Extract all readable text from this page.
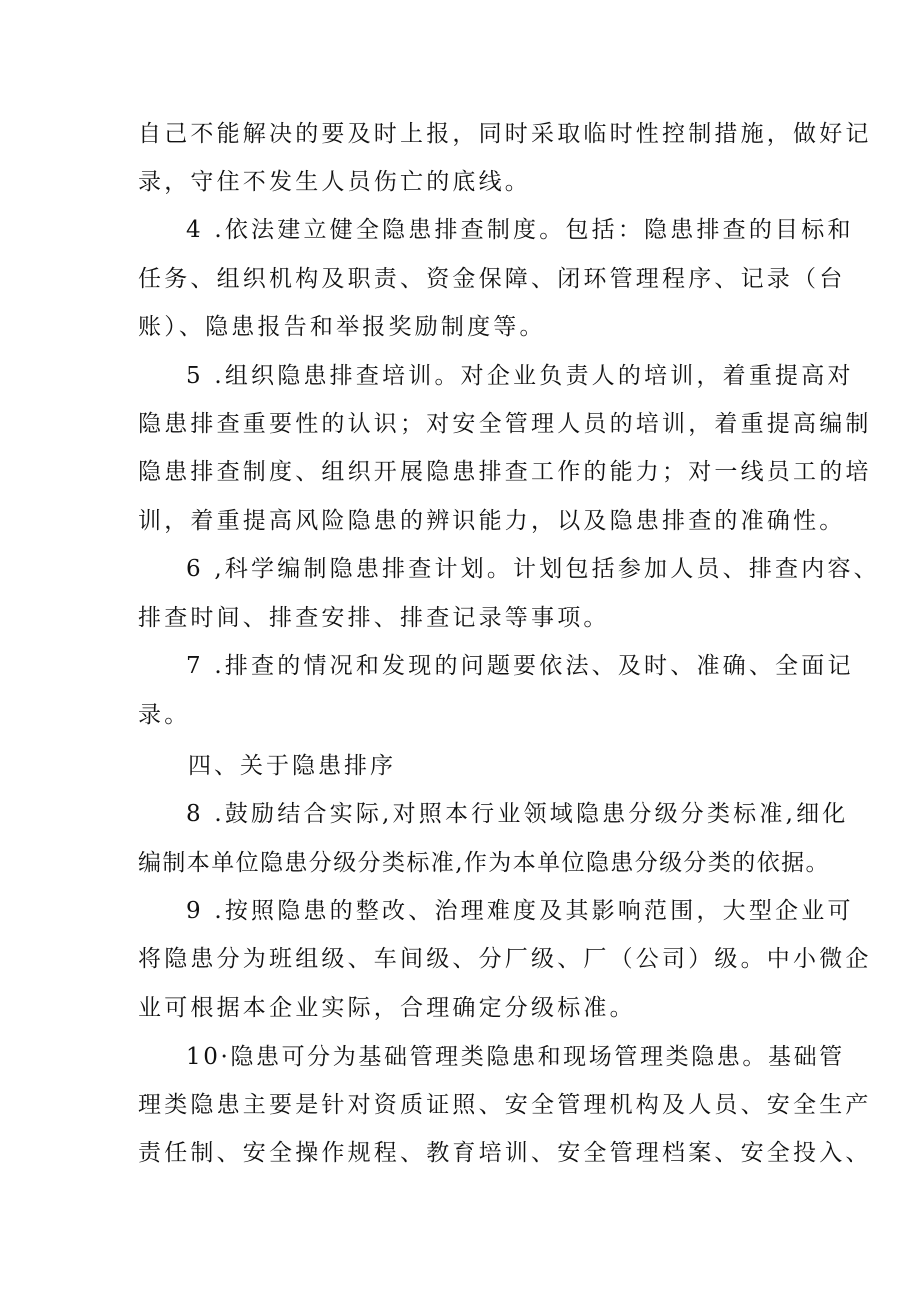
自己不能解决的要及时上报，同时采取临时性控制措施，做好记
录，守住不发生人员伤亡的底线。
4 .依法建立健全隐患排查制度。包括：隐患排查的目标和
任务、组织机构及职责、资金保障、闭环管理程序、记录（台
账）、隐患报告和举报奖励制度等。
5 .组织隐患排查培训。对企业负责人的培训，着重提高对
隐患排查重要性的认识；对安全管理人员的培训，着重提高编制
隐患排查制度、组织开展隐患排查工作的能力；对一线员工的培
训，着重提高风险隐患的辨识能力，以及隐患排查的准确性。
6 ,科学编制隐患排查计划。计划包括参加人员、排查内容、
排查时间、排查安排、排查记录等事项。
7 .排查的情况和发现的问题要依法、及时、准确、全面记
录。
四、关于隐患排序
8 .鼓励结合实际,对照本行业领域隐患分级分类标准,细化
编制本单位隐患分级分类标准,作为本单位隐患分级分类的依据。
9 .按照隐患的整改、治理难度及其影响范围，大型企业可
将隐患分为班组级、车间级、分厂级、厂（公司）级。中小微企
业可根据本企业实际，合理确定分级标准。
10·隐患可分为基础管理类隐患和现场管理类隐患。基础管
理类隐患主要是针对资质证照、安全管理机构及人员、安全生产
责任制、安全操作规程、教育培训、安全管理档案、安全投入、
